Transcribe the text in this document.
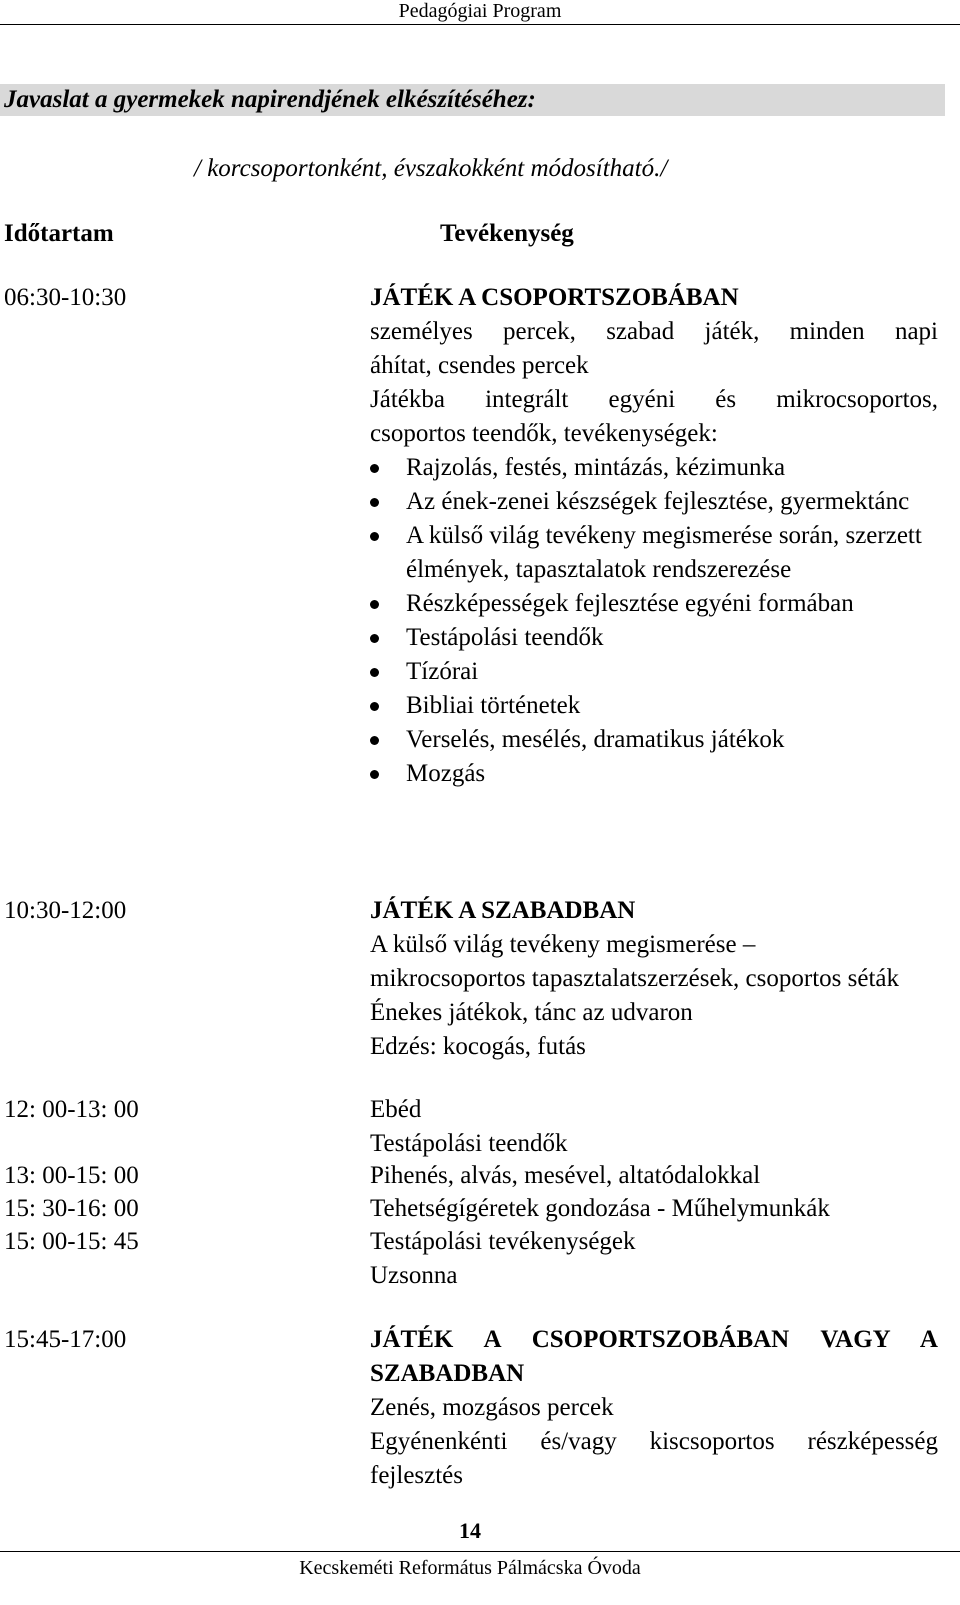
Pedagógiai Program
Javaslat a gyermekek napirendjének elkészítéséhez:
/ korcsoportonként, évszakokként módosítható./
Időtartam	Tevékenység
06:30-10:30	JÁTÉK A CSOPORTSZOBÁBAN
személyes percek, szabad játék, minden napi
áhítat, csendes percek
Játékba integrált egyéni és mikrocsoportos,
csoportos teendők, tevékenységek:
Rajzolás, festés, mintázás, kézimunka
Az ének-zenei készségek fejlesztése, gyermektánc
A külső világ tevékeny megismerése során, szerzett élmények, tapasztalatok rendszerezése
Részképességek fejlesztése egyéni formában
Testápolási teendők
Tízórai
Bibliai történetek
Verselés, mesélés, dramatikus játékok
Mozgás
10:30-12:00	JÁTÉK A SZABADBAN
A külső világ tevékeny megismerése –
mikrocsoportos tapasztalatszerzések, csoportos séták
Énekes játékok, tánc az udvaron
Edzés: kocogás, futás
12: 00-13: 00	Ebéd
Testápolási teendők
13: 00-15: 00	Pihenés, alvás, mesével, altatódalokkal
15: 30-16: 00	Tehetségígéretek gondozása - Műhelymunkák
15: 00-15: 45	Testápolási tevékenységek
Uzsonna
15:45-17:00	JÁTÉK A CSOPORTSZOBÁBAN VAGY A SZABADBAN
Zenés, mozgásos percek
Egyénenkénti és/vagy kiscsoportos részképesség fejlesztés
14
Kecskeméti Református Pálmácska Óvoda
